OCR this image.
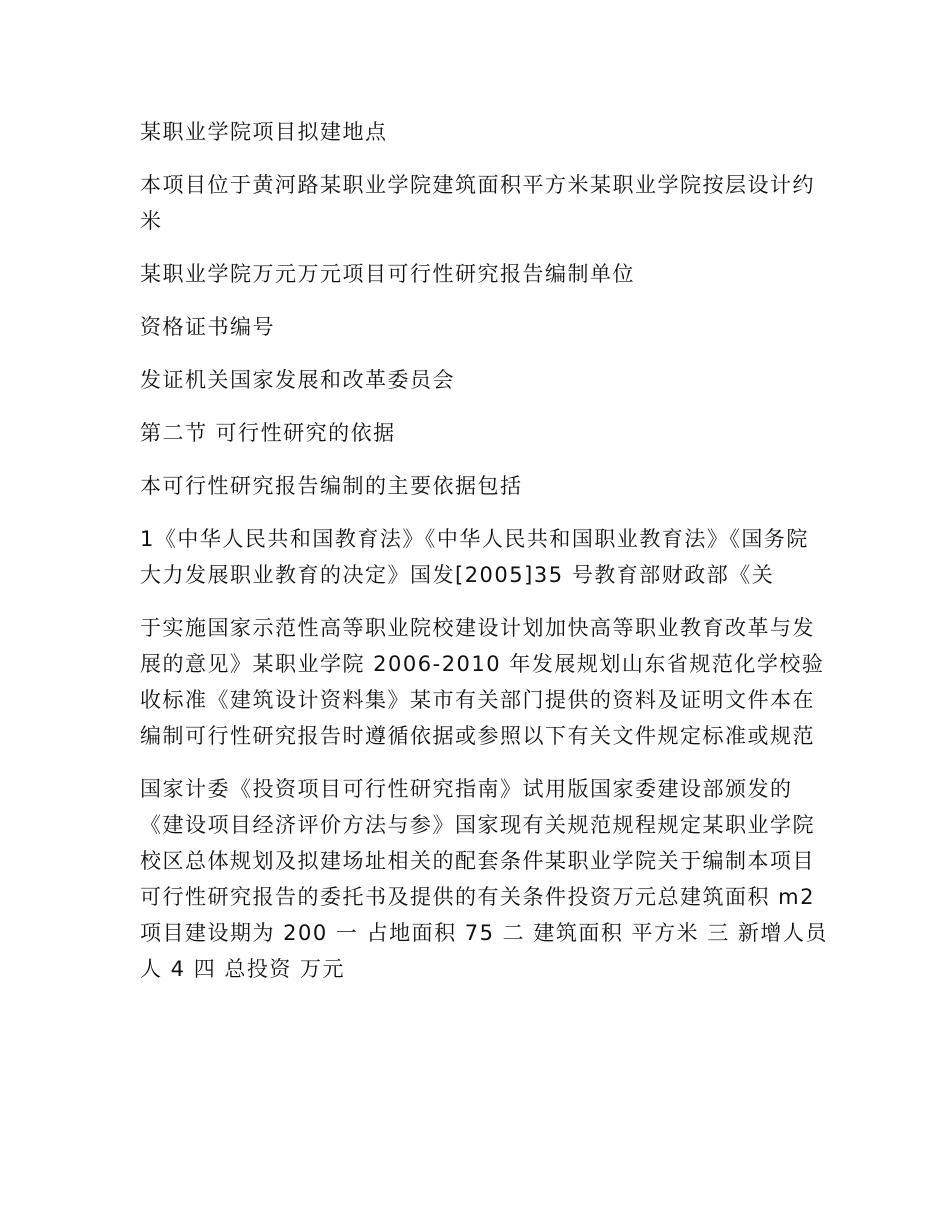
某职业学院项目拟建地点

本项目位于黄河路某职业学院建筑面积平方米某职业学院按层设计约米

某职业学院万元万元项目可行性研究报告编制单位

资格证书编号

发证机关国家发展和改革委员会

第二节 可行性研究的依据

本可行性研究报告编制的主要依据包括

1《中华人民共和国教育法》《中华人民共和国职业教育法》《国务院大力发展职业教育的决定》国发[2005]35 号教育部财政部《关

于实施国家示范性高等职业院校建设计划加快高等职业教育改革与发展的意见》某职业学院 2006-2010 年发展规划山东省规范化学校验收标准《建筑设计资料集》某市有关部门提供的资料及证明文件本在编制可行性研究报告时遵循依据或参照以下有关文件规定标准或规范

国家计委《投资项目可行性研究指南》试用版国家委建设部颁发的《建设项目经济评价方法与参》国家现有关规范规程规定某职业学院校区总体规划及拟建场址相关的配套条件某职业学院关于编制本项目可行性研究报告的委托书及提供的有关条件投资万元总建筑面积 m2 项目建设期为 200 一 占地面积 75 二 建筑面积 平方米 三 新增人员 人 4 四 总投资 万元
